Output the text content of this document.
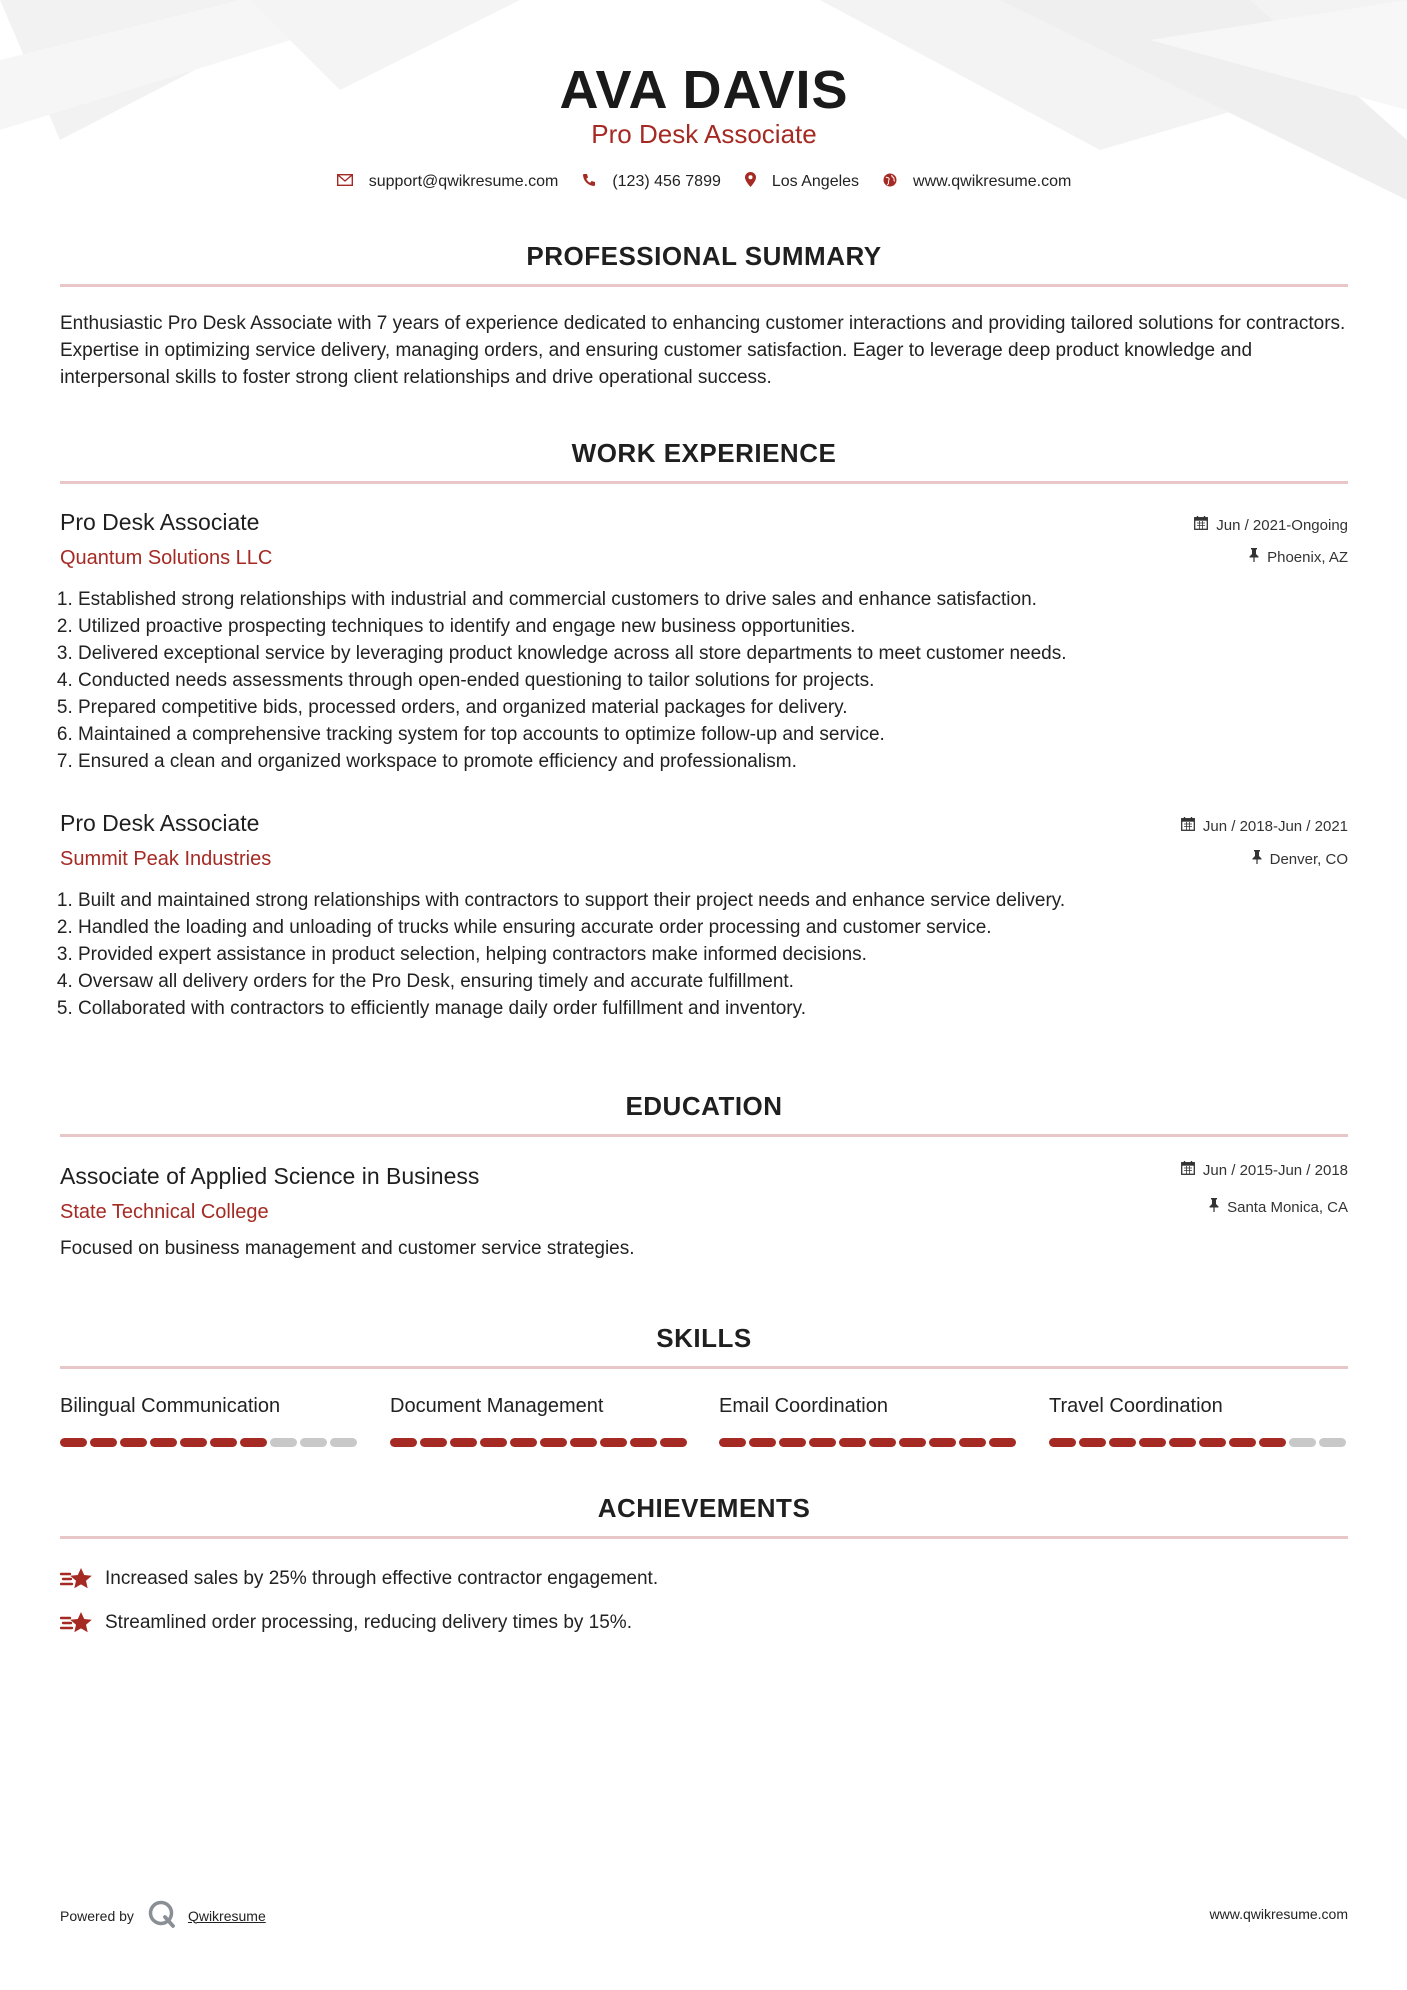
AVA DAVIS
Pro Desk Associate
support@qwikresume.com	(123) 456 7899	Los Angeles	www.qwikresume.com
PROFESSIONAL SUMMARY
Enthusiastic Pro Desk Associate with 7 years of experience dedicated to enhancing customer interactions and providing tailored solutions for contractors. Expertise in optimizing service delivery, managing orders, and ensuring customer satisfaction. Eager to leverage deep product knowledge and interpersonal skills to foster strong client relationships and drive operational success.
WORK EXPERIENCE
Pro Desk Associate
Quantum Solutions LLC
Jun / 2021-Ongoing
Phoenix, AZ
1. Established strong relationships with industrial and commercial customers to drive sales and enhance satisfaction.
2. Utilized proactive prospecting techniques to identify and engage new business opportunities.
3. Delivered exceptional service by leveraging product knowledge across all store departments to meet customer needs.
4. Conducted needs assessments through open-ended questioning to tailor solutions for projects.
5. Prepared competitive bids, processed orders, and organized material packages for delivery.
6. Maintained a comprehensive tracking system for top accounts to optimize follow-up and service.
7. Ensured a clean and organized workspace to promote efficiency and professionalism.
Pro Desk Associate
Summit Peak Industries
Jun / 2018-Jun / 2021
Denver, CO
1. Built and maintained strong relationships with contractors to support their project needs and enhance service delivery.
2. Handled the loading and unloading of trucks while ensuring accurate order processing and customer service.
3. Provided expert assistance in product selection, helping contractors make informed decisions.
4. Oversaw all delivery orders for the Pro Desk, ensuring timely and accurate fulfillment.
5. Collaborated with contractors to efficiently manage daily order fulfillment and inventory.
EDUCATION
Associate of Applied Science in Business
State Technical College
Jun / 2015-Jun / 2018
Santa Monica, CA
Focused on business management and customer service strategies.
SKILLS
Bilingual Communication	Document Management	Email Coordination	Travel Coordination
ACHIEVEMENTS
Increased sales by 25% through effective contractor engagement.
Streamlined order processing, reducing delivery times by 15%.
Powered by	Qwikresume	www.qwikresume.com
